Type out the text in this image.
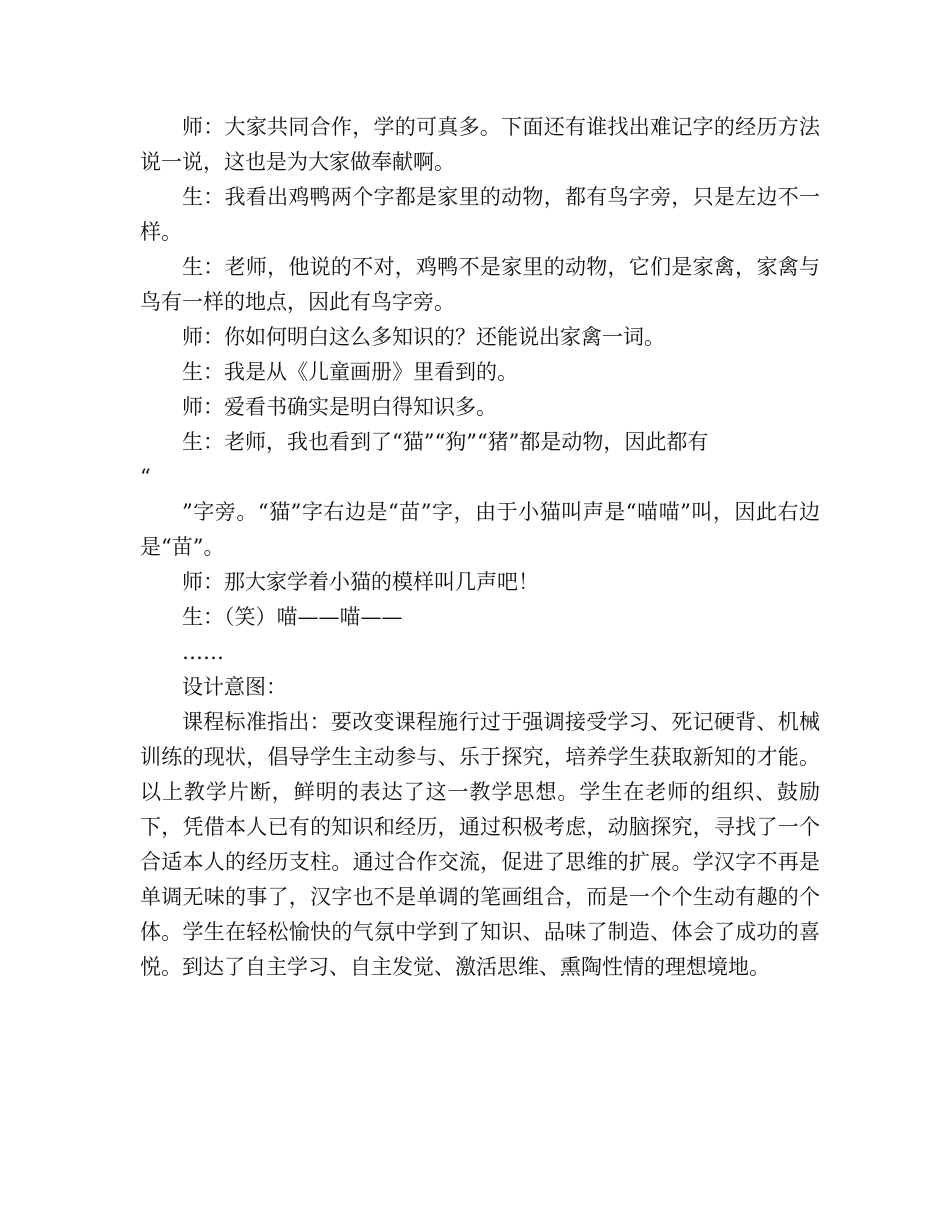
师：大家共同合作，学的可真多。下面还有谁找出难记字的经历方法说一说，这也是为大家做奉献啊。

生：我看出鸡鸭两个字都是家里的动物，都有鸟字旁，只是左边不一样。

生：老师，他说的不对，鸡鸭不是家里的动物，它们是家禽，家禽与鸟有一样的地点，因此有鸟字旁。

师：你如何明白这么多知识的？还能说出家禽一词。

生：我是从《儿童画册》里看到的。

师：爱看书确实是明白得知识多。

生：老师，我也看到了“猫”“狗”“猪”都是动物，因此都有

“

”字旁。“猫”字右边是“苗”字，由于小猫叫声是“喵喵”叫，因此右边是“苗”。

师：那大家学着小猫的模样叫几声吧！

生：（笑）喵——喵——

……

设计意图：

课程标准指出：要改变课程施行过于强调接受学习、死记硬背、机械训练的现状，倡导学生主动参与、乐于探究，培养学生获取新知的才能。以上教学片断，鲜明的表达了这一教学思想。学生在老师的组织、鼓励下，凭借本人已有的知识和经历，通过积极考虑，动脑探究，寻找了一个合适本人的经历支柱。通过合作交流，促进了思维的扩展。学汉字不再是单调无味的事了，汉字也不是单调的笔画组合，而是一个个生动有趣的个体。学生在轻松愉快的气氛中学到了知识、品味了制造、体会了成功的喜悦。到达了自主学习、自主发觉、激活思维、熏陶性情的理想境地。
